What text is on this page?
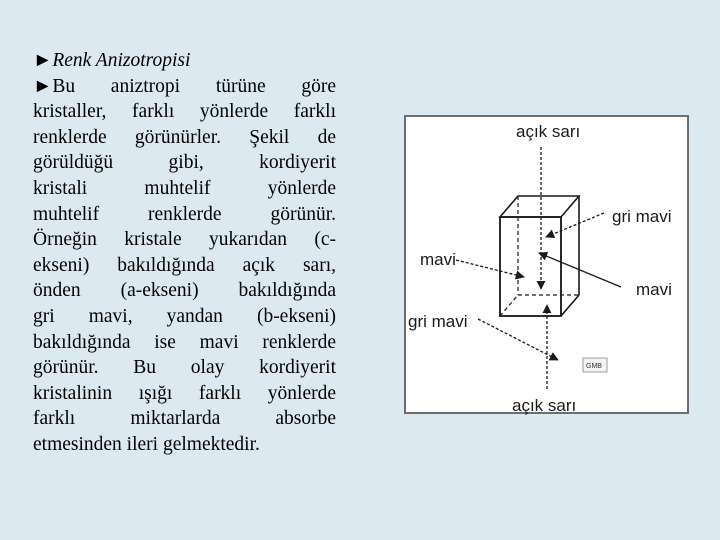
►Renk Anizotropisi
►Bu aniztropi türüne göre
kristaller, farklı yönlerde farklı
renklerde görünürler. Şekil de
görüldüğü gibi, kordiyerit
kristali muhtelif yönlerde
muhtelif renklerde görünür.
Örneğin kristale yukarıdan (c-
ekseni) bakıldığında açık sarı,
önden (a-ekseni) bakıldığında
gri mavi, yandan (b-ekseni)
bakıldığında ise mavi renklerde
görünür. Bu olay kordiyerit
kristalinin ışığı farklı yönlerde
farklı miktarlarda absorbe
etmesinden ileri gelmektedir.
açık sarı
gri mavi
mavi
mavi
gri mavi
açık sarı
GMB
